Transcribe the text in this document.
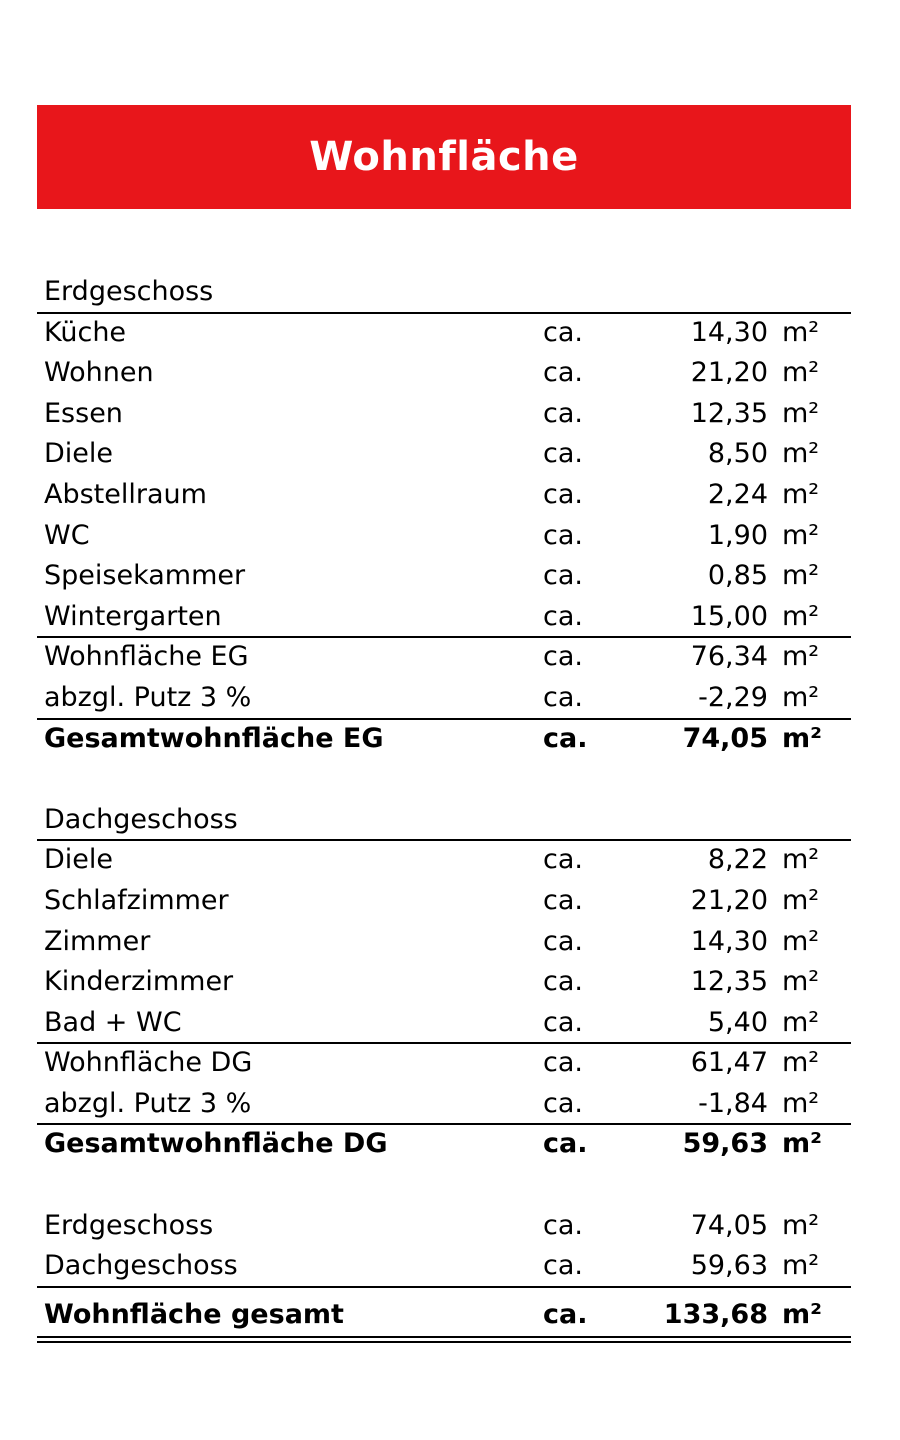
Wohnfläche
Erdgeschoss
Küche	ca.	14,30 m²
Wohnen	ca.	21,20 m²
Essen	ca.	12,35 m²
Diele	ca.	8,50 m²
Abstellraum	ca.	2,24 m²
WC	ca.	1,90 m²
Speisekammer	ca.	0,85 m²
Wintergarten	ca.	15,00 m²
Wohnfläche EG	ca.	76,34 m²
abzgl. Putz 3 %	ca.	-2,29 m²
Gesamtwohnfläche EG	ca.	74,05 m²
Dachgeschoss
Diele	ca.	8,22 m²
Schlafzimmer	ca.	21,20 m²
Zimmer	ca.	14,30 m²
Kinderzimmer	ca.	12,35 m²
Bad + WC	ca.	5,40 m²
Wohnfläche DG	ca.	61,47 m²
abzgl. Putz 3 %	ca.	-1,84 m²
Gesamtwohnfläche DG	ca.	59,63 m²
Erdgeschoss	ca.	74,05 m²
Dachgeschoss	ca.	59,63 m²
Wohnfläche gesamt	ca.	133,68 m²
